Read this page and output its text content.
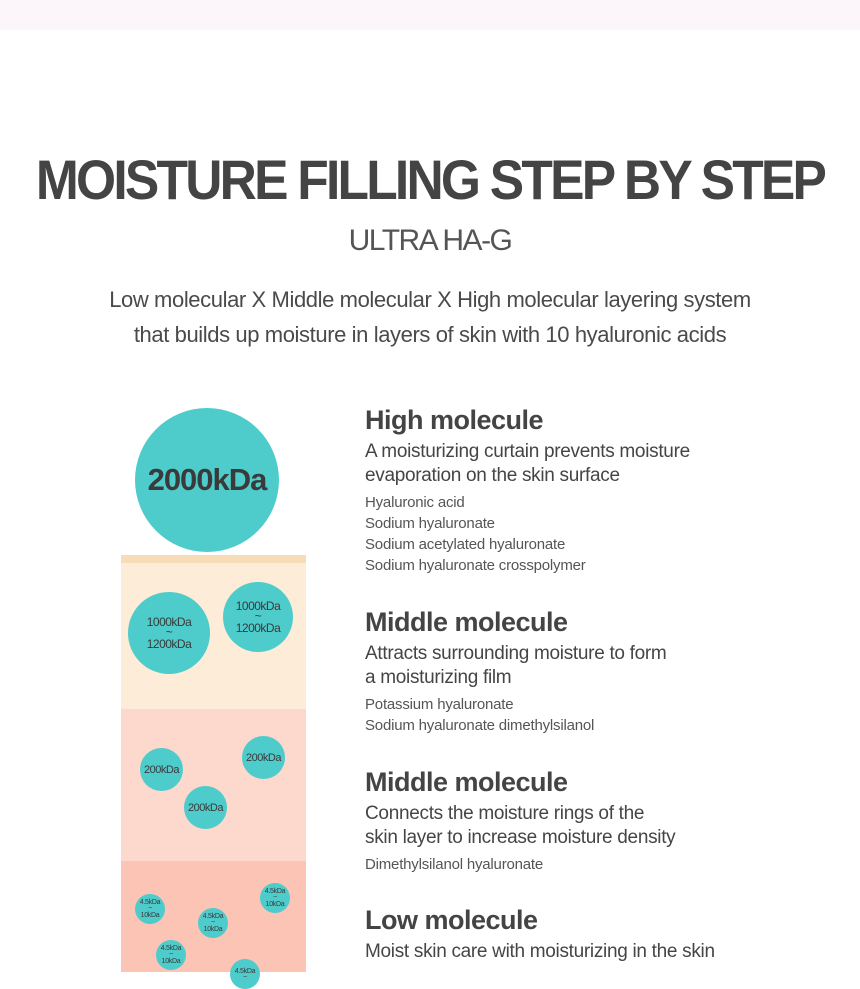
MOISTURE FILLING STEP BY STEP
ULTRA HA-G

Low molecular X Middle molecular X High molecular layering system
that builds up moisture in layers of skin with 10 hyaluronic acids

2000kDa
1000kDa
~
1200kDa
1000kDa
~
1200kDa
200kDa
200kDa
200kDa
4.5kDa
~
10kDa
4.5kDa
~
10kDa
4.5kDa
~
10kDa
4.5kDa
~
10kDa
4.5kDa
~
High molecule
A moisturizing curtain prevents moisture
evaporation on the skin surface
Hyaluronic acid
Sodium hyaluronate
Sodium acetylated hyaluronate
Sodium hyaluronate crosspolymer
Middle molecule
Attracts surrounding moisture to form
a moisturizing film
Potassium hyaluronate
Sodium hyaluronate dimethylsilanol
Middle molecule
Connects the moisture rings of the
skin layer to increase moisture density
Dimethylsilanol hyaluronate
Low molecule
Moist skin care with moisturizing in the skin
